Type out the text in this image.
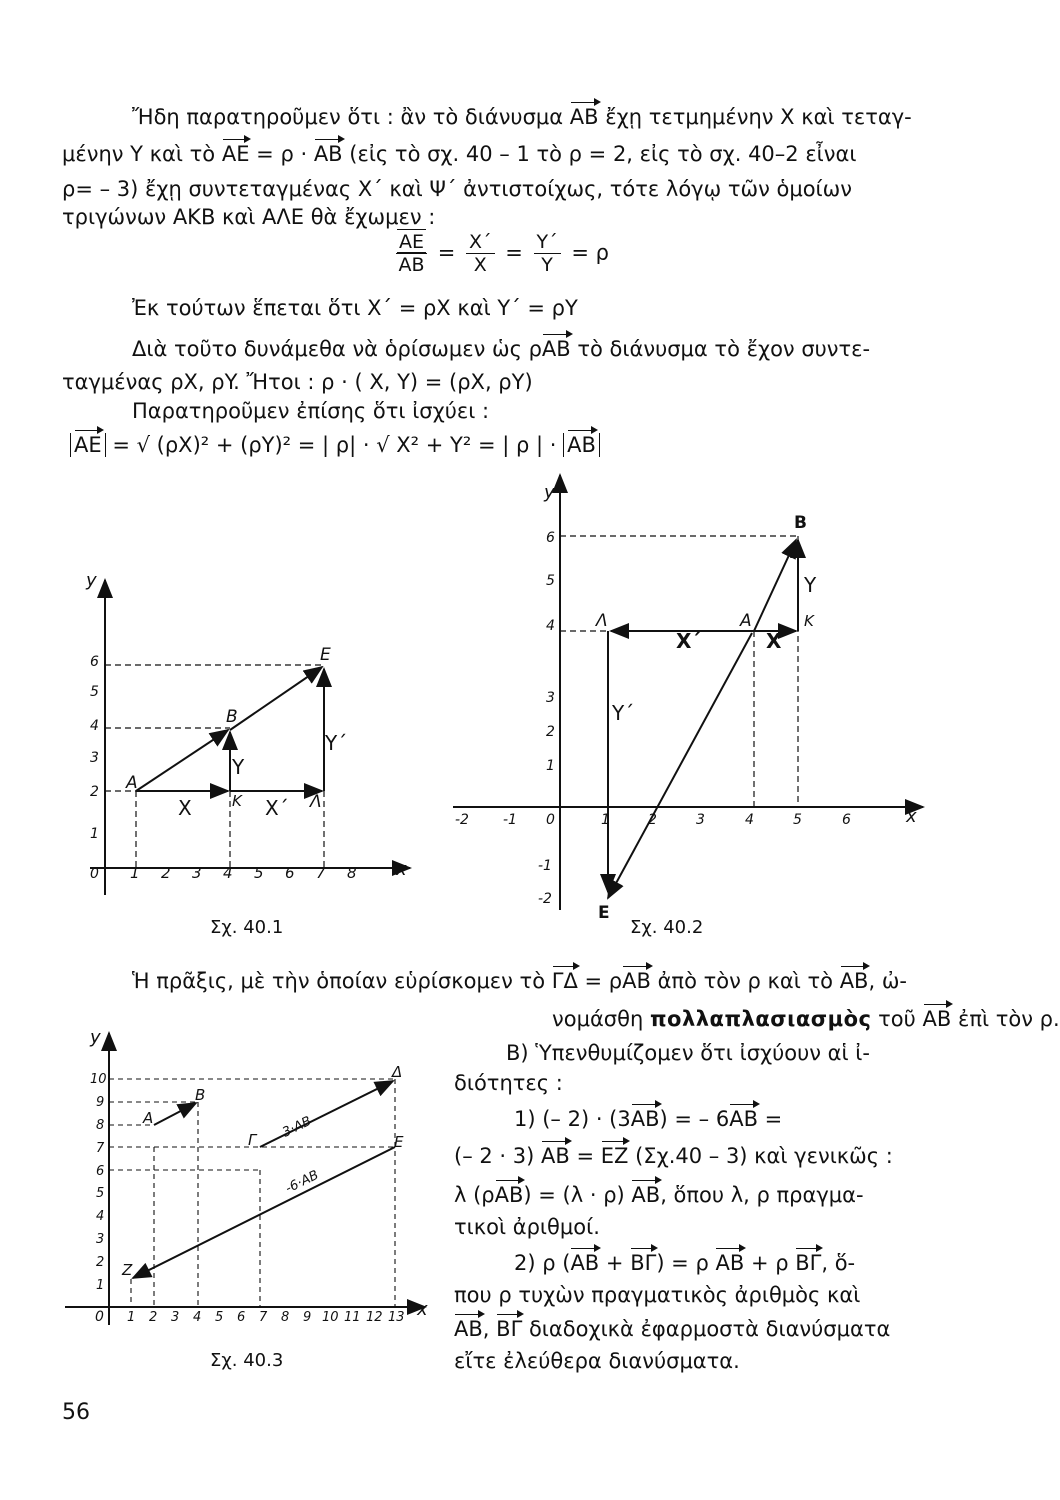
Ἤδη παρατηροῦμεν ὅτι : ἂν τὸ διάνυσμα AB ἔχῃ τετμημένην X καὶ τεταγ-
μένην Υ καὶ τὸ AE = ρ · AB (εἰς τὸ σχ. 40 – 1 τὸ ρ = 2, εἰς τὸ σχ. 40–2 εἶναι
ρ= – 3) ἔχῃ συντεταγμένας X΄ καὶ Ψ΄ ἀντιστοίχως, τότε λόγῳ τῶν ὁμοίων
τριγώνων ΑΚΒ καὶ ΑΛΕ θὰ ἔχωμεν :
$\frac{AE}{AB} = \frac{X΄}{X} = \frac{Y΄}{Y} = \rho$
Ἐκ τούτων ἕπεται ὅτι X΄ = ρX καὶ Y΄ = ρY
Διὰ τοῦτο δυνάμεθα νὰ ὁρίσωμεν ὡς ρAB τὸ διάνυσμα τὸ ἔχον συντε-
ταγμένας ρX, ρY. Ἤτοι : ρ · ( X, Y) = (ρX, ρY)
Παρατηροῦμεν ἐπίσης ὅτι ἰσχύει :
AE = √ (ρX)² + (ρY)² = | ρ| · √ X² + Y² = | ρ | · AB
y
x
0 1 2 3 4 5 6 7 8
1
2
3
4
5
6
A
B
E
K	Λ
X	X΄
Y
Y΄
Σχ. 40.1
y
x
-2 -1 0	1	2	3	4	5	6
-2
-1
1
2
3
4
5
6
A
B
E
K
Λ
X
X΄
Y
Y΄
Σχ. 40.2
Ἡ πρᾶξις, μὲ τὴν ὁποίαν εὑρίσκομεν τὸ ΓΔ = ρAB ἀπὸ τὸν ρ καὶ τὸ AB, ὠ-
νομάσθη πολλαπλασιασμὸς τοῦ AB ἐπὶ τὸν ρ.
y
x
0 1 2 3 4 5 6 7 8 9 10 11 12 13
1
2
3
4
5
6
7
8
9
10
A
B
Γ
Δ
E
Z
3·AB
-6·AB
Σχ. 40.3
B) Ὑπενθυμίζομεν ὅτι ἰσχύουν αἱ ἰ-
διότητες :
1) (– 2) · (3AB) = – 6AB =
(– 2 · 3) AB = EZ (Σχ.40 – 3) καὶ γενικῶς :
λ (ρAB) = (λ · ρ) AB, ὅπου λ, ρ πραγμα-
τικοὶ ἀριθμοί.
2) ρ (AB + BΓ) = ρ AB + ρ BΓ, ὅ-
που ρ τυχὼν πραγματικὸς ἀριθμὸς καὶ
AB, BΓ διαδοχικὰ ἐφαρμοστὰ διανύσματα
εἴτε ἐλεύθερα διανύσματα.
56
